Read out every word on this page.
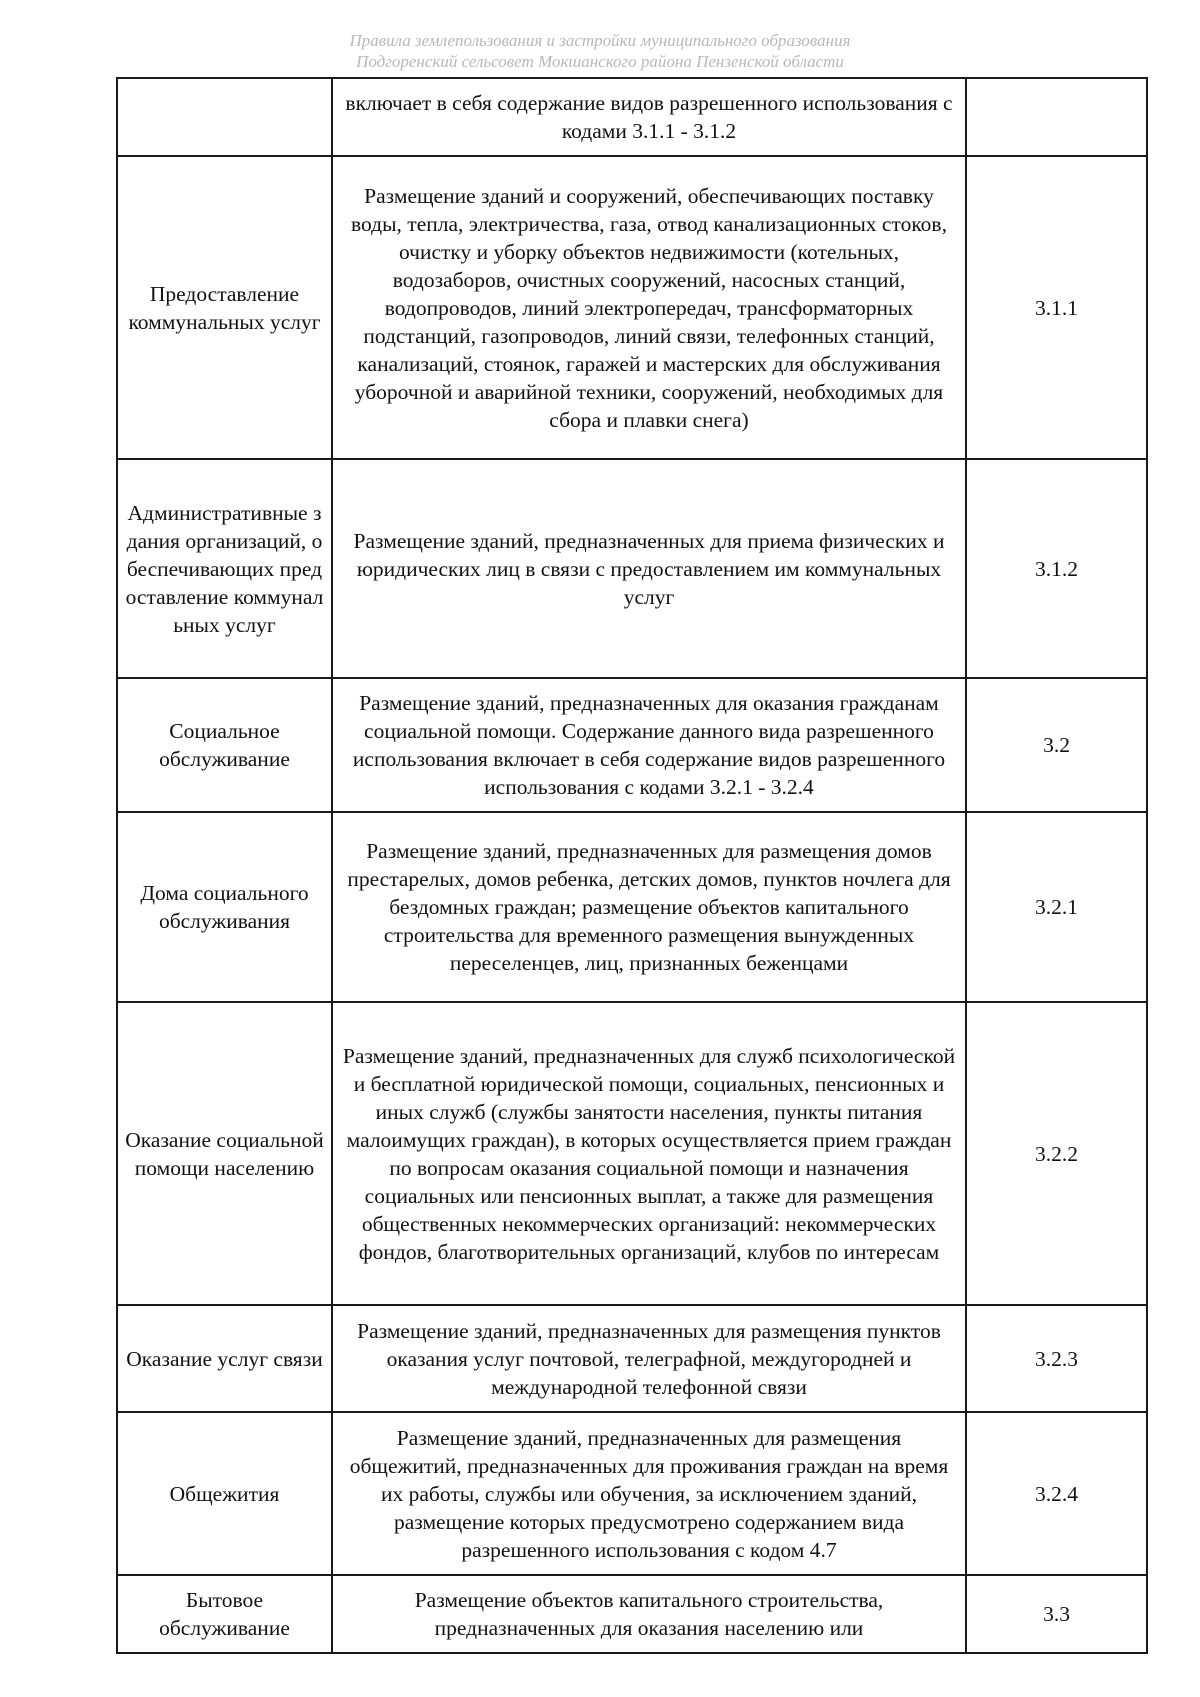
Правила землепользования и застройки муниципального образования
Подгоренский сельсовет Мокшанского района Пензенской области
	включает в себя содержание видов разрешенного использования с кодами 3.1.1 - 3.1.2	
Предоставление коммунальных услуг	Размещение зданий и сооружений, обеспечивающих поставку воды, тепла, электричества, газа, отвод канализационных стоков, очистку и уборку объектов недвижимости (котельных, водозаборов, очистных сооружений, насосных станций, водопроводов, линий электропередач, трансформаторных подстанций, газопроводов, линий связи, телефонных станций, канализаций, стоянок, гаражей и мастерских для обслуживания уборочной и аварийной техники, сооружений, необходимых для сбора и плавки снега)	3.1.1
Административные здания организаций, обеспечивающих предоставление коммунальных услуг	Размещение зданий, предназначенных для приема физических и юридических лиц в связи с предоставлением им коммунальных услуг	3.1.2
Социальное обслуживание	Размещение зданий, предназначенных для оказания гражданам социальной помощи. Содержание данного вида разрешенного использования включает в себя содержание видов разрешенного использования с кодами 3.2.1 - 3.2.4	3.2
Дома социального обслуживания	Размещение зданий, предназначенных для размещения домов престарелых, домов ребенка, детских домов, пунктов ночлега для бездомных граждан; размещение объектов капитального строительства для временного размещения вынужденных переселенцев, лиц, признанных беженцами	3.2.1
Оказание социальной помощи населению	Размещение зданий, предназначенных для служб психологической и бесплатной юридической помощи, социальных, пенсионных и иных служб (службы занятости населения, пункты питания малоимущих граждан), в которых осуществляется прием граждан по вопросам оказания социальной помощи и назначения социальных или пенсионных выплат, а также для размещения общественных некоммерческих организаций: некоммерческих фондов, благотворительных организаций, клубов по интересам	3.2.2
Оказание услуг связи	Размещение зданий, предназначенных для размещения пунктов оказания услуг почтовой, телеграфной, междугородней и международной телефонной связи	3.2.3
Общежития	Размещение зданий, предназначенных для размещения общежитий, предназначенных для проживания граждан на время их работы, службы или обучения, за исключением зданий, размещение которых предусмотрено содержанием вида разрешенного использования с кодом 4.7	3.2.4
Бытовое обслуживание	Размещение объектов капитального строительства, предназначенных для оказания населению или	3.3
